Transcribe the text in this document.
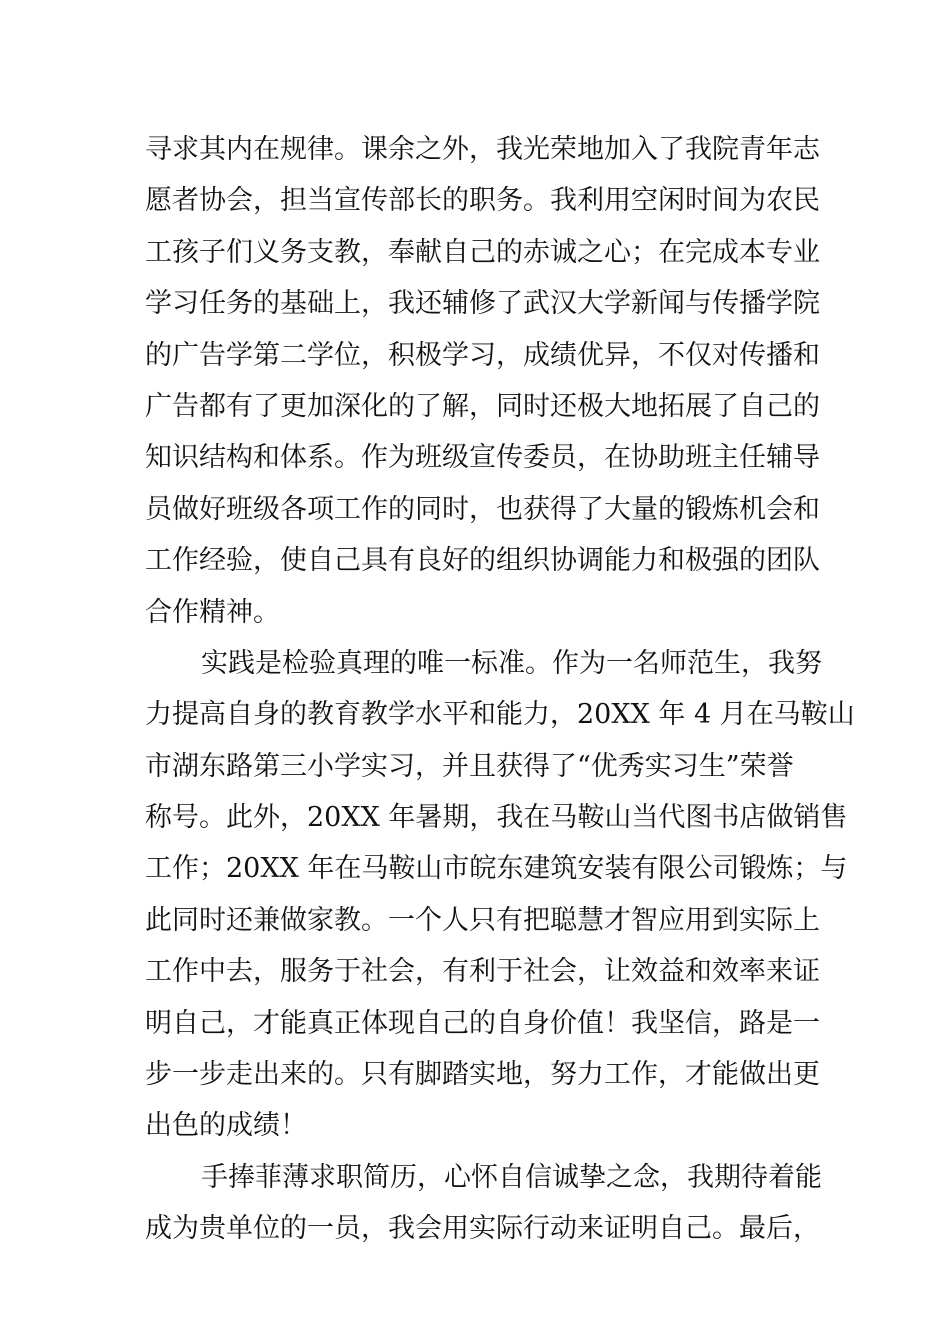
寻求其内在规律。课余之外，我光荣地加入了我院青年志
愿者协会，担当宣传部长的职务。我利用空闲时间为农民
工孩子们义务支教，奉献自己的赤诚之心；在完成本专业
学习任务的基础上，我还辅修了武汉大学新闻与传播学院
的广告学第二学位，积极学习，成绩优异，不仅对传播和
广告都有了更加深化的了解，同时还极大地拓展了自己的
知识结构和体系。作为班级宣传委员，在协助班主任辅导
员做好班级各项工作的同时，也获得了大量的锻炼机会和
工作经验，使自己具有良好的组织协调能力和极强的团队
合作精神。
实践是检验真理的唯一标准。作为一名师范生，我努
力提高自身的教育教学水平和能力，20XX 年 4 月在马鞍山
市湖东路第三小学实习，并且获得了“优秀实习生”荣誉
称号。此外，20XX 年暑期，我在马鞍山当代图书店做销售
工作；20XX 年在马鞍山市皖东建筑安装有限公司锻炼；与
此同时还兼做家教。一个人只有把聪慧才智应用到实际上
工作中去，服务于社会，有利于社会，让效益和效率来证
明自己，才能真正体现自己的自身价值！我坚信，路是一
步一步走出来的。只有脚踏实地，努力工作，才能做出更
出色的成绩！
手捧菲薄求职简历，心怀自信诚挚之念，我期待着能
成为贵单位的一员，我会用实际行动来证明自己。最后，
